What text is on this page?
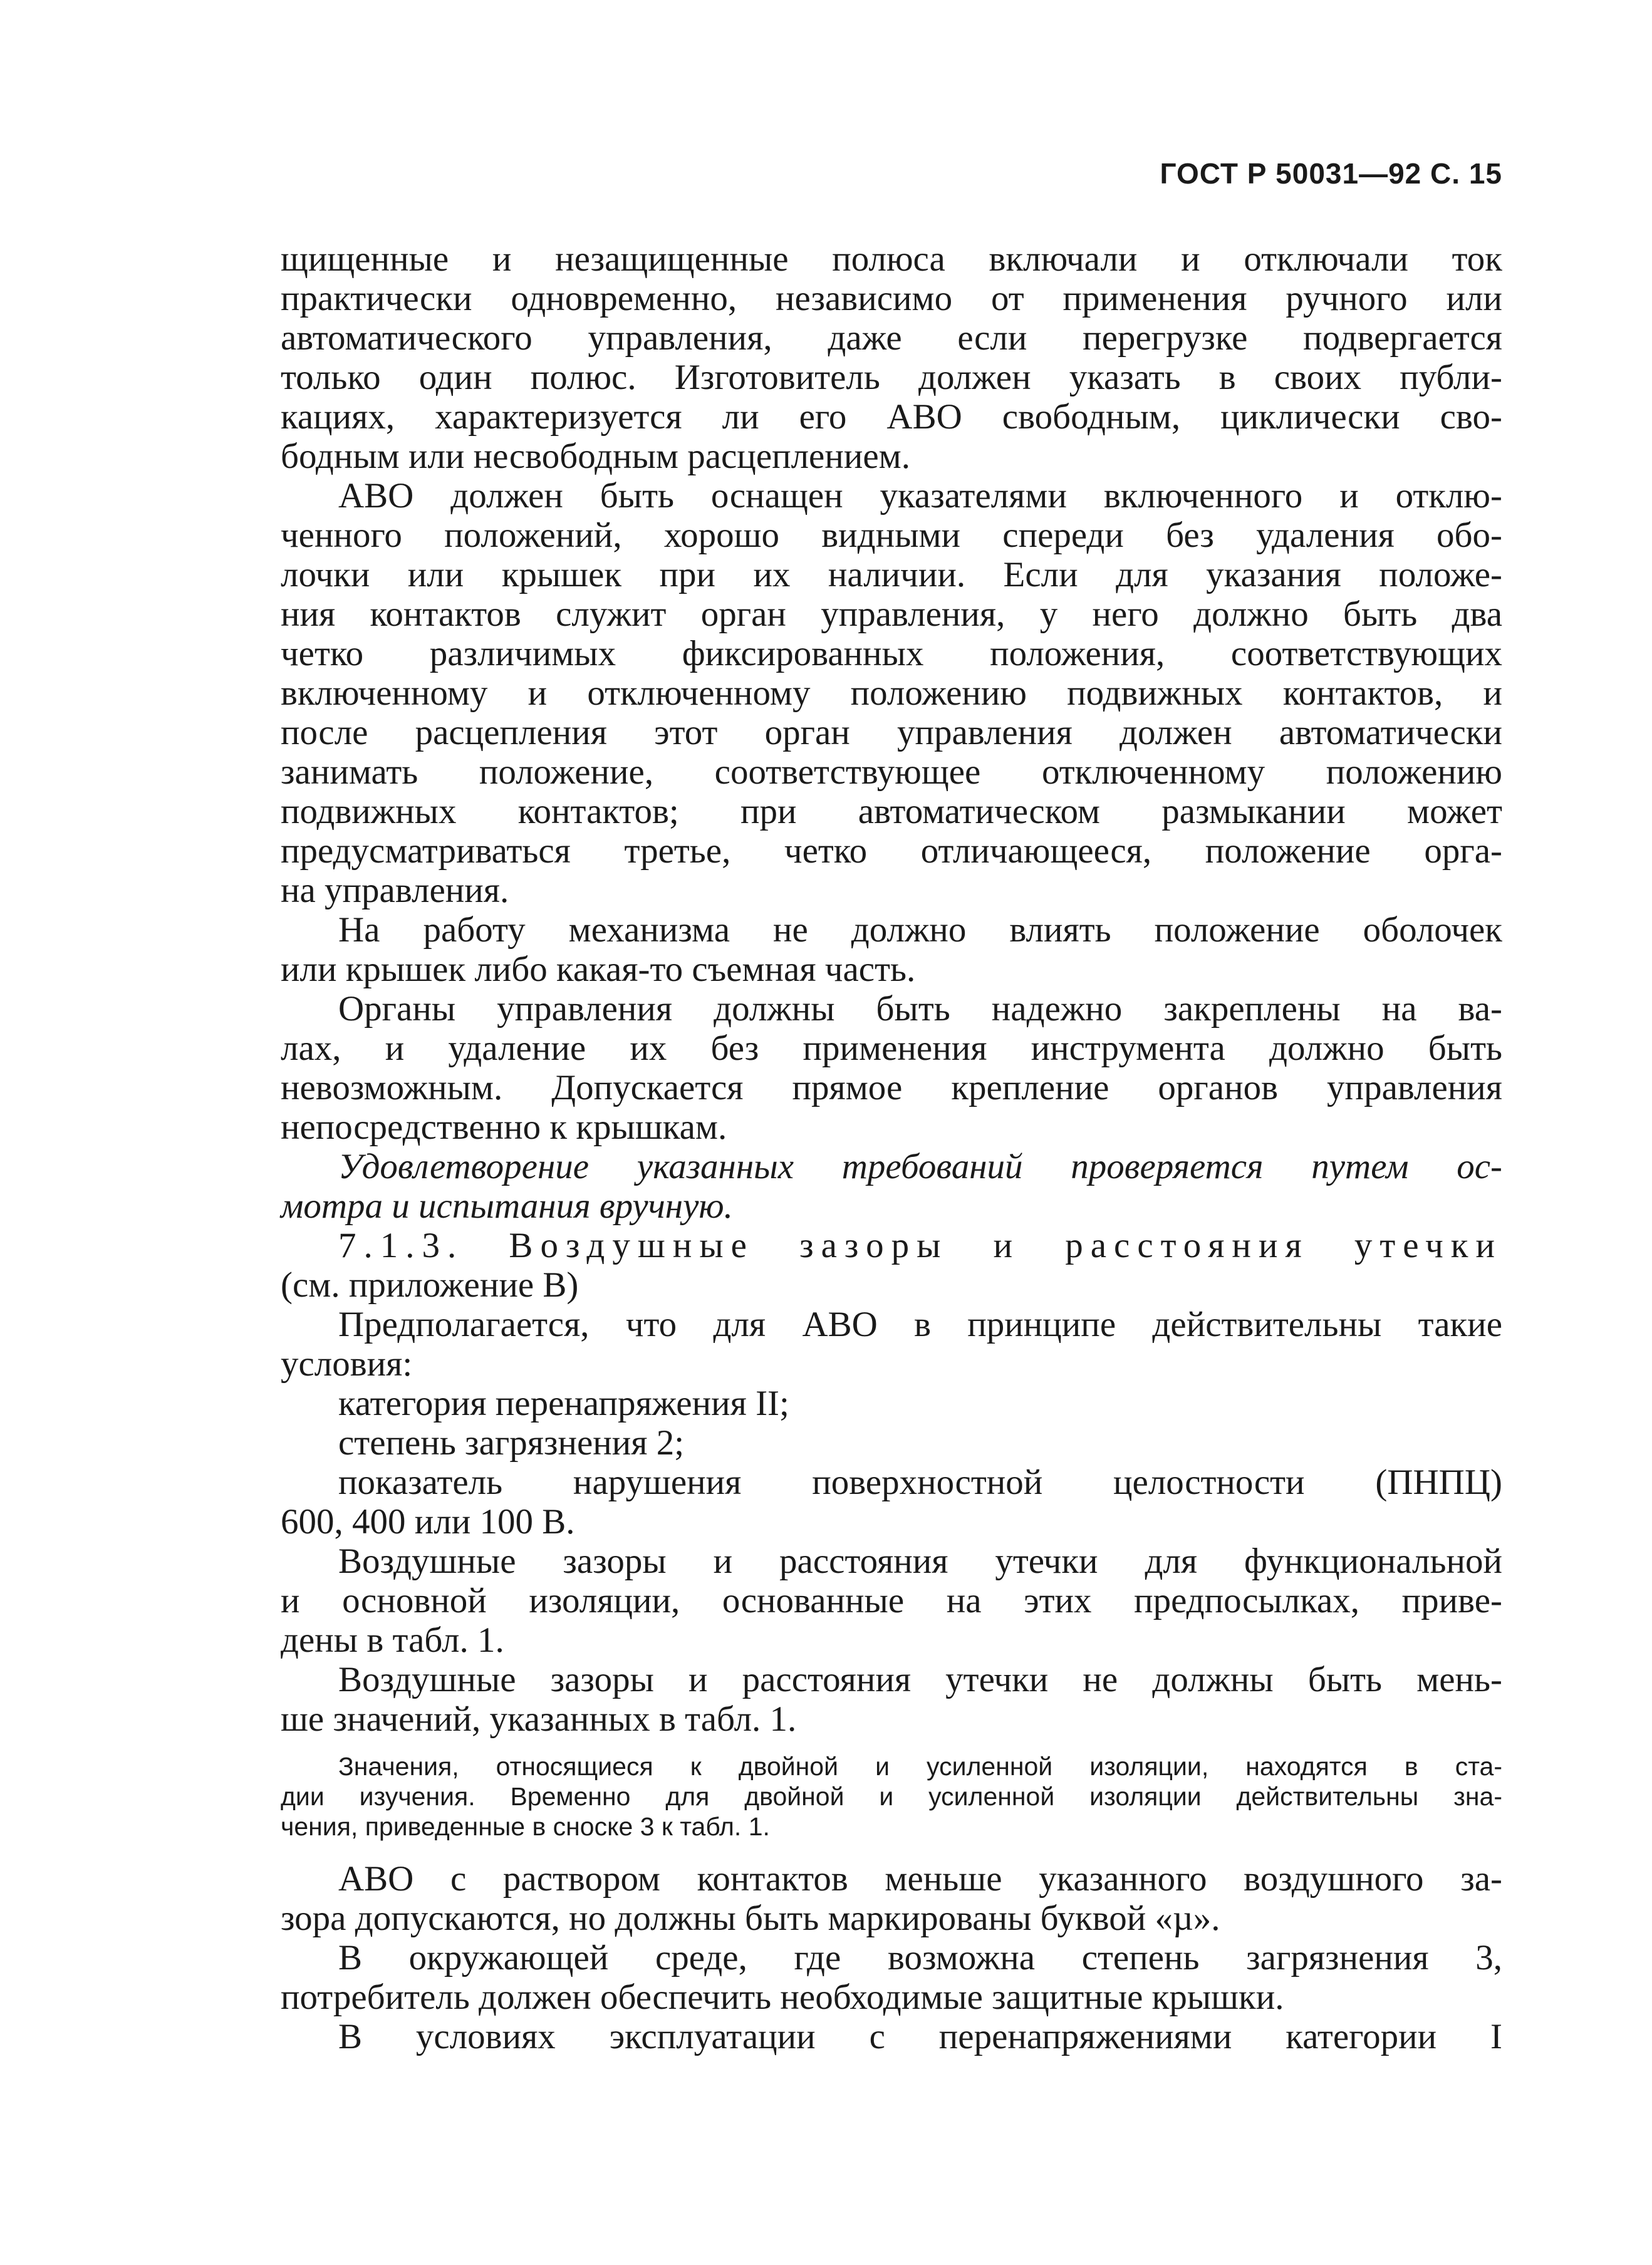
ГОСТ Р 50031—92 С. 15
щищенные и незащищенные полюса включали и отключали ток
практически одновременно, независимо от применения ручного или
автоматического управления, даже если перегрузке подвергается
только один полюс. Изготовитель должен указать в своих публи-
кациях, характеризуется ли его АВО свободным, циклически сво-
бодным или несвободным расцеплением.
АВО должен быть оснащен указателями включенного и отклю-
ченного положений, хорошо видными спереди без удаления обо-
лочки или крышек при их наличии. Если для указания положе-
ния контактов служит орган управления, у него должно быть два
четко различимых фиксированных положения, соответствующих
включенному и отключенному положению подвижных контактов, и
после расцепления этот орган управления должен автоматически
занимать положение, соответствующее отключенному положению
подвижных контактов; при автоматическом размыкании может
предусматриваться третье, четко отличающееся, положение орга-
на управления.
На работу механизма не должно влиять положение оболочек
или крышек либо какая-то съемная часть.
Органы управления должны быть надежно закреплены на ва-
лах, и удаление их без применения инструмента должно быть
невозможным. Допускается прямое крепление органов управления
непосредственно к крышкам.
Удовлетворение указанных требований проверяется путем ос-
мотра и испытания вручную.
7.1.3. Воздушные зазоры и расстояния утечки
(см. приложение В)
Предполагается, что для АВО в принципе действительны такие
условия:
категория перенапряжения II;
степень загрязнения 2;
показатель нарушения поверхностной целостности (ПНПЦ)
600, 400 или 100 В.
Воздушные зазоры и расстояния утечки для функциональной
и основной изоляции, основанные на этих предпосылках, приве-
дены в табл. 1.
Воздушные зазоры и расстояния утечки не должны быть мень-
ше значений, указанных в табл. 1.
Значения, относящиеся к двойной и усиленной изоляции, находятся в ста-
дии изучения. Временно для двойной и усиленной изоляции действительны зна-
чения, приведенные в сноске 3 к табл. 1.
АВО с раствором контактов меньше указанного воздушного за-
зора допускаются, но должны быть маркированы буквой «µ».
В окружающей среде, где возможна степень загрязнения 3,
потребитель должен обеспечить необходимые защитные крышки.
В условиях эксплуатации с перенапряжениями категории I
